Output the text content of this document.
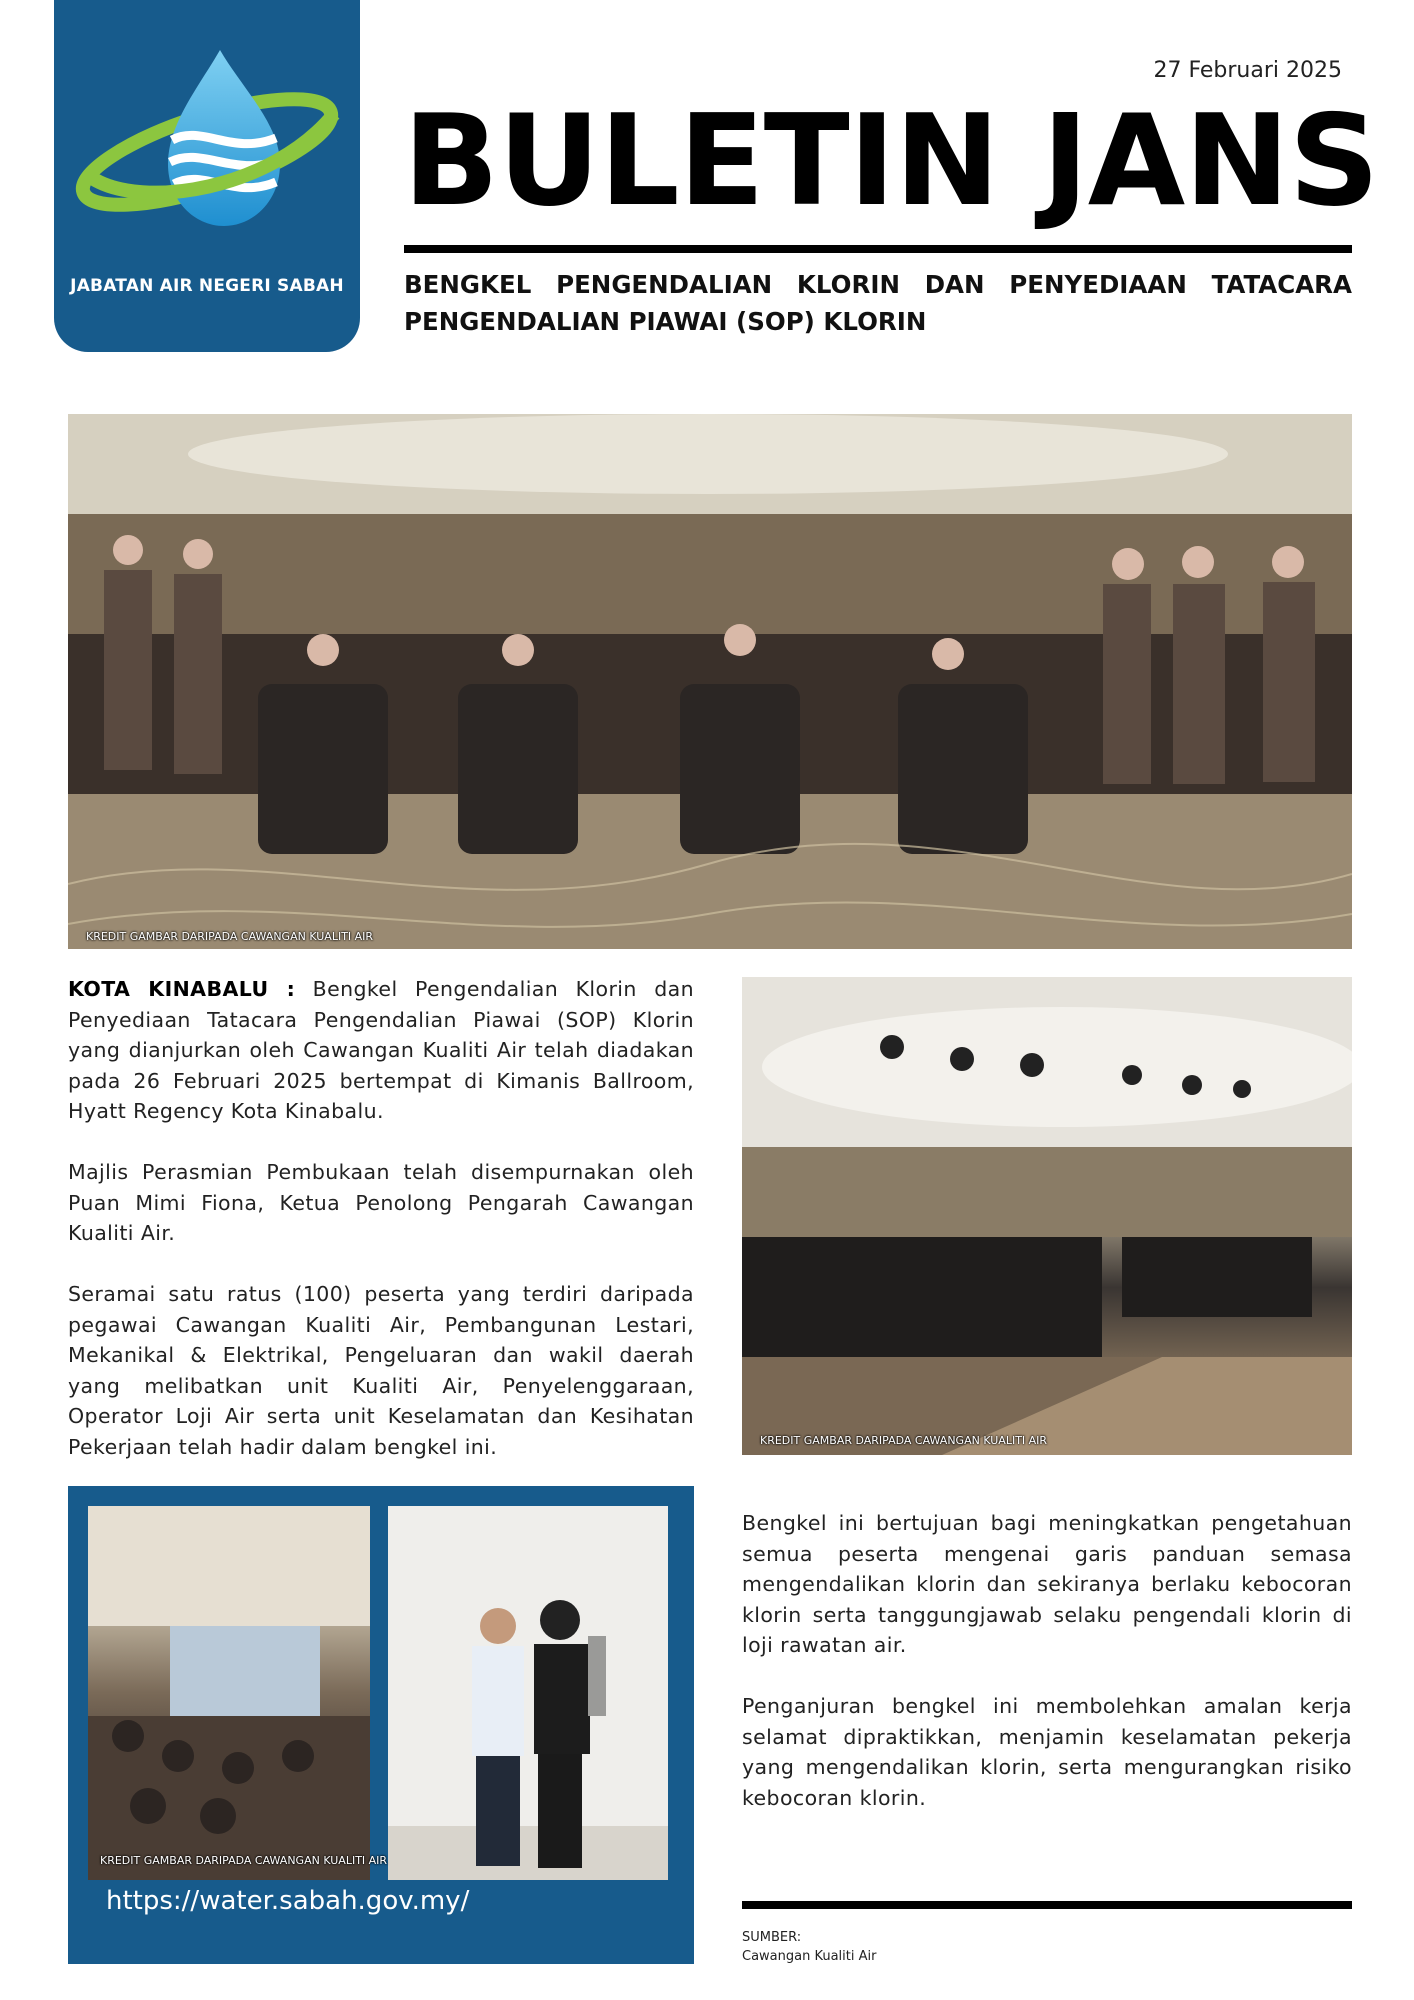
JABATAN AIR NEGERI SABAH
27 Februari 2025
BULETIN JANS
BENGKEL PENGENDALIAN KLORIN DAN PENYEDIAAN TATACARA PENGENDALIAN PIAWAI (SOP) KLORIN
KREDIT GAMBAR DARIPADA CAWANGAN KUALITI AIR

KOTA KINABALU : Bengkel Pengendalian Klorin dan Penyediaan Tatacara Pengendalian Piawai (SOP) Klorin yang dianjurkan oleh Cawangan Kualiti Air telah diadakan pada 26 Februari 2025 bertempat di Kimanis Ballroom, Hyatt Regency Kota Kinabalu.

Majlis Perasmian Pembukaan telah disempurnakan oleh Puan Mimi Fiona, Ketua Penolong Pengarah Cawangan Kualiti Air.

Seramai satu ratus (100) peserta yang terdiri daripada pegawai Cawangan Kualiti Air, Pembangunan Lestari, Mekanikal & Elektrikal, Pengeluaran dan wakil daerah yang melibatkan unit Kualiti Air, Penyelenggaraan, Operator Loji Air serta unit Keselamatan dan Kesihatan Pekerjaan telah hadir dalam bengkel ini.	KREDIT GAMBAR DARIPADA CAWANGAN KUALITI AIR
KREDIT GAMBAR DARIPADA CAWANGAN KUALITI AIR
https://water.sabah.gov.my/

Bengkel ini bertujuan bagi meningkatkan pengetahuan semua peserta mengenai garis panduan semasa mengendalikan klorin dan sekiranya berlaku kebocoran klorin serta tanggungjawab selaku pengendali klorin di loji rawatan air.

Penganjuran bengkel ini membolehkan amalan kerja selamat dipraktikkan, menjamin keselamatan pekerja yang mengendalikan klorin, serta mengurangkan risiko kebocoran klorin.

SUMBER:
Cawangan Kualiti Air
